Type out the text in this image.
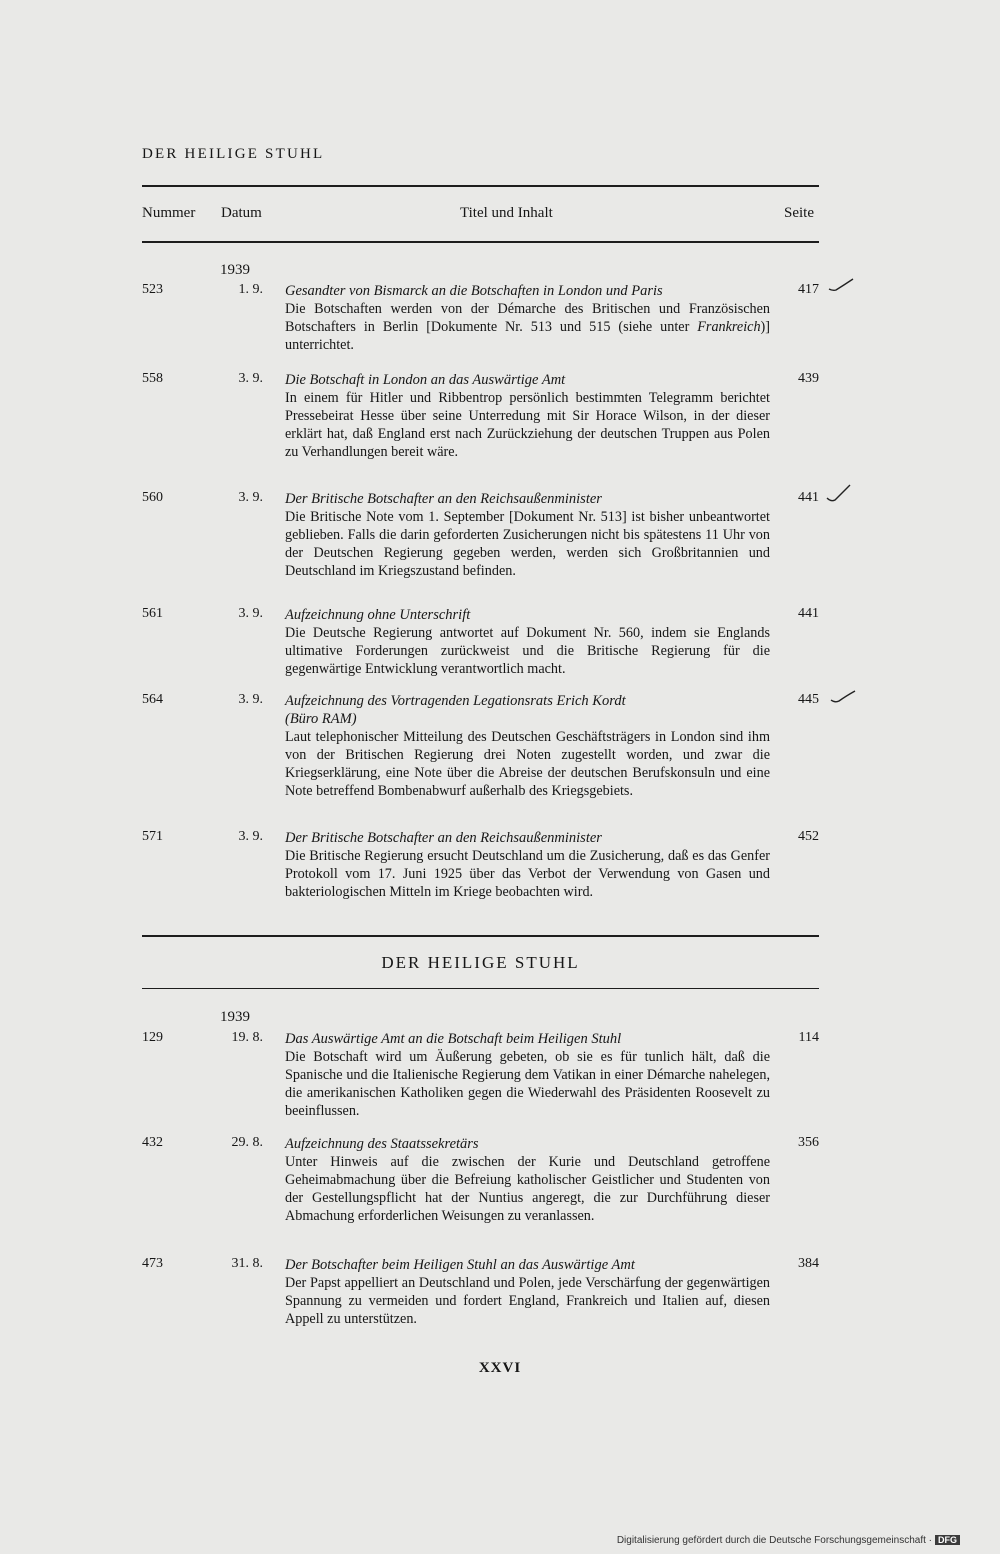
DER HEILIGE STUHL
Nummer Datum	Titel und Inhalt	Seite
1939
523	1. 9. Gesandter von Bismarck an die Botschaften in London und Paris

Die Botschaften werden von der Démarche des Britischen und Französischen Botschafters in Berlin [Dokumente Nr. 513 und 515 (siehe unter Frankreich)] unterrichtet.

417
558	3. 9. Die Botschaft in London an das Auswärtige Amt

In einem für Hitler und Ribbentrop persönlich bestimmten Telegramm berichtet Pressebeirat Hesse über seine Unterredung mit Sir Horace Wilson, in der dieser erklärt hat, daß England erst nach Zurückziehung der deutschen Truppen aus Polen zu Verhandlungen bereit wäre.

439
560	3. 9. Der Britische Botschafter an den Reichsaußenminister

Die Britische Note vom 1. September [Dokument Nr. 513] ist bisher unbeantwortet geblieben. Falls die darin geforderten Zusicherungen nicht bis spätestens 11 Uhr von der Deutschen Regierung gegeben werden, werden sich Großbritannien und Deutschland im Kriegszustand befinden.

441
561	3. 9. Aufzeichnung ohne Unterschrift

Die Deutsche Regierung antwortet auf Dokument Nr. 560, indem sie Englands ultimative Forderungen zurückweist und die Britische Regierung für die gegenwärtige Entwicklung verantwortlich macht.

441
564	3. 9. Aufzeichnung des Vortragenden Legationsrats Erich Kordt

(Büro RAM)

Laut telephonischer Mitteilung des Deutschen Geschäftsträgers in London sind ihm von der Britischen Regierung drei Noten zugestellt worden, und zwar die Kriegserklärung, eine Note über die Abreise der deutschen Berufskonsuln und eine Note betreffend Bombenabwurf außerhalb des Kriegsgebiets.

445
571	3. 9. Der Britische Botschafter an den Reichsaußenminister

Die Britische Regierung ersucht Deutschland um die Zusicherung, daß es das Genfer Protokoll vom 17. Juni 1925 über das Verbot der Verwendung von Gasen und bakteriologischen Mitteln im Kriege beobachten wird.

452
DER HEILIGE STUHL
1939
129	19. 8. Das Auswärtige Amt an die Botschaft beim Heiligen Stuhl

Die Botschaft wird um Äußerung gebeten, ob sie es für tunlich hält, daß die Spanische und die Italienische Regierung dem Vatikan in einer Démarche nahelegen, die amerikanischen Katholiken gegen die Wiederwahl des Präsidenten Roosevelt zu beeinflussen.

114
432	29. 8. Aufzeichnung des Staatssekretärs

Unter Hinweis auf die zwischen der Kurie und Deutschland getroffene Geheimabmachung über die Befreiung katholischer Geistlicher und Studenten von der Gestellungspflicht hat der Nuntius angeregt, die zur Durchführung dieser Abmachung erforderlichen Weisungen zu veranlassen.

356
473	31. 8. Der Botschafter beim Heiligen Stuhl an das Auswärtige Amt

Der Papst appelliert an Deutschland und Polen, jede Verschärfung der gegenwärtigen Spannung zu vermeiden und fordert England, Frankreich und Italien auf, diesen Appell zu unterstützen.

384
XXVI
Digitalisierung gefördert durch die Deutsche Forschungsgemeinschaft · DFG
